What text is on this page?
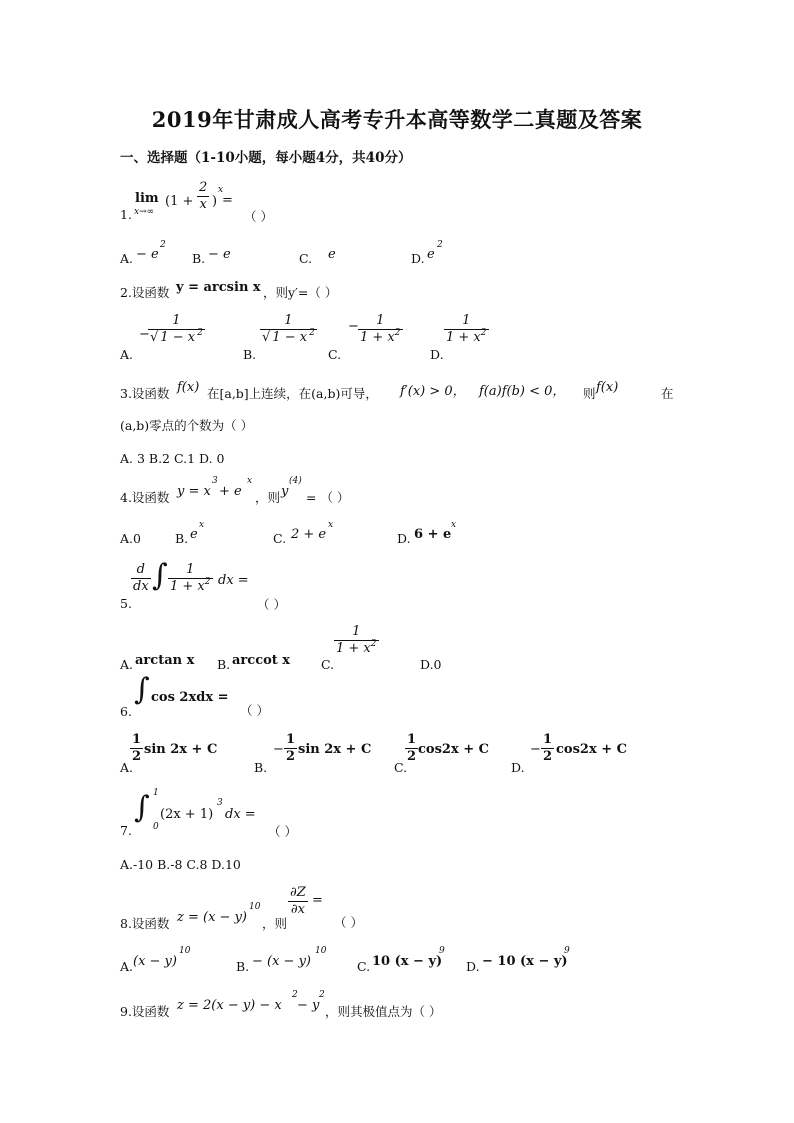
2019年甘肃成人高考专升本高等数学二真题及答案
一、选择题（1-10小题，每小题4分，共40分）
1.
lim
x→∞
($1 + \frac{2}{x}$ )
x
=
（ ）
A. − e
2
B. − e	C. e	D. e
2
2.设函数 y = arcsin x ，则y′=（ ）
A.
−
$\frac{1}{√ 1 - x ^2}$
B.
$\frac{1}{√ 1 - x ^2}$
C.
− $\frac{1}{1 + x^2}$
D.
$\frac{1}{1 + x^2}$
3.设函数 f(x) 在[a,b]上连续，在(a,b)可导， f′(x) > 0， f(a)f(b) < 0， 则 f(x)	在
(a,b)零点的个数为（ ）
A. 3 B.2 C.1 D. 0
4.设函数 y = x
3
+ e
x
，则 y
(4)
= （ ）
A.0	B. e
x
C. 2 + e
x
D. 6 + e
x
5.
$\frac{d}{dx}$ ∫ $\frac{1}{1 + x^2}$ dx =
（ ）
A. arctan x B. arccot x C.
$\frac{1}{1 + x^2}$
D.0
6.
∫ cos 2xdx =
（ ）
A.
$\frac{1}{2}$ sin 2x + C
B.
− $\frac{1}{2}$ sin 2x + C
C.
$\frac{1}{2} \cos 2x + C$
D.
− $\frac{1}{2} \cos 2x + C$
7.
∫ 1
0
(2x + 1)
3
dx =
（ ）
A.-10 B.-8 C.8 D.10
8.设函数 z = (x − y)
10
，则
$\frac{\partial Z}{\partial x}$ =
（ ）
A. (x − y)
10
B. − (x − y)
10
C. 10 (x − y)
9
D. − 10 (x − y)
9
9.设函数 z = 2(x − y) − x
2
− y
2
，则其极值点为（ ）
